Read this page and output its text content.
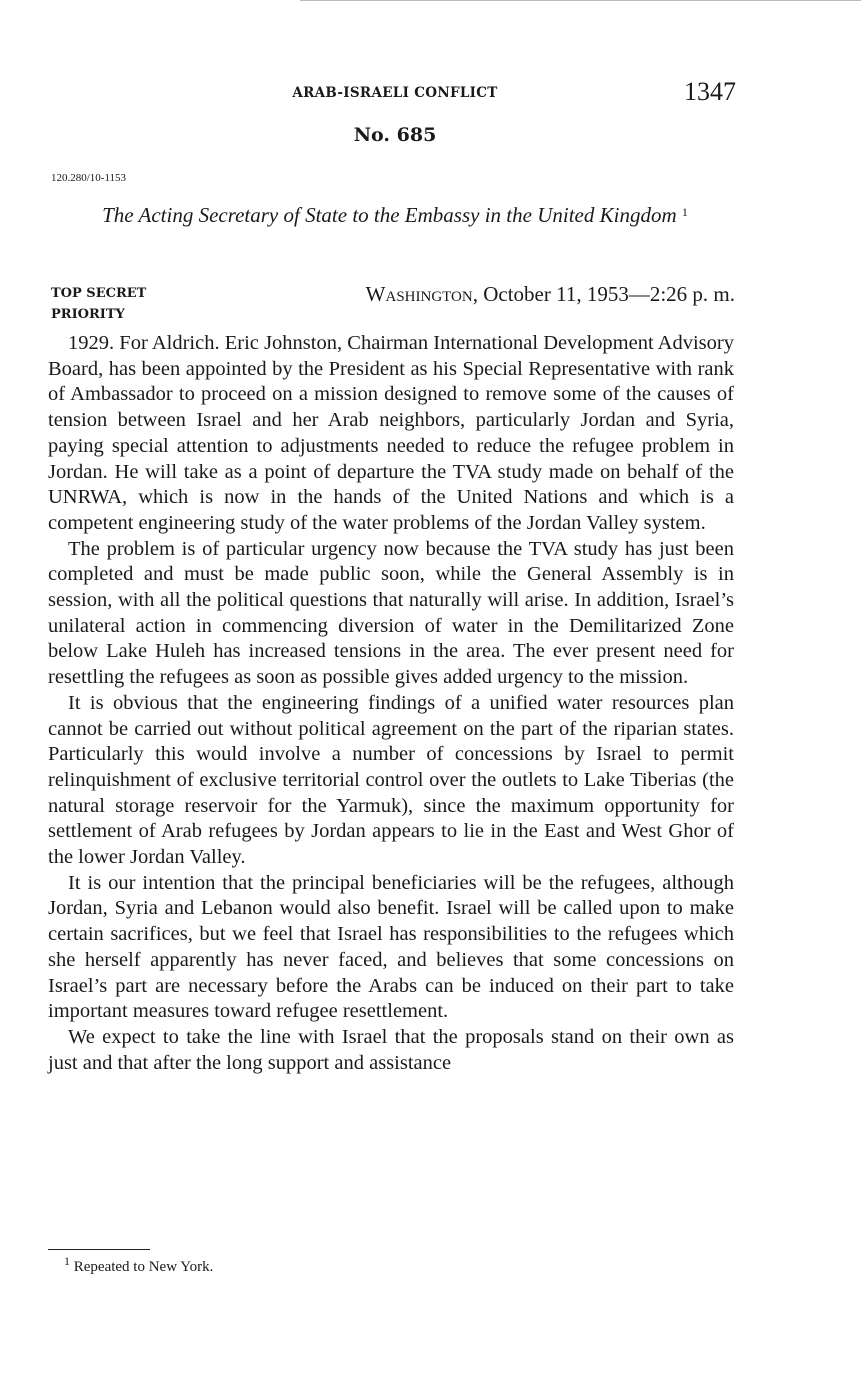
ARAB-ISRAELI CONFLICT	1347
No. 685
120.280/10-1153
The Acting Secretary of State to the Embassy in the United Kingdom $^1$
TOP SECRET
PRIORITY
Washington, October 11, 1953—2:26 p. m.

1929. For Aldrich. Eric Johnston, Chairman International Development Advisory Board, has been appointed by the President as his Special Representative with rank of Ambassador to proceed on a mission designed to remove some of the causes of tension between Israel and her Arab neighbors, particularly Jordan and Syria, paying special attention to adjustments needed to reduce the refugee problem in Jordan. He will take as a point of departure the TVA study made on behalf of the UNRWA, which is now in the hands of the United Nations and which is a competent engineering study of the water problems of the Jordan Valley system.

The problem is of particular urgency now because the TVA study has just been completed and must be made public soon, while the General Assembly is in session, with all the political questions that naturally will arise. In addition, Israel’s unilateral action in commencing diversion of water in the Demilitarized Zone below Lake Huleh has increased tensions in the area. The ever present need for resettling the refugees as soon as possible gives added urgency to the mission.

It is obvious that the engineering findings of a unified water resources plan cannot be carried out without political agreement on the part of the riparian states. Particularly this would involve a number of concessions by Israel to permit relinquishment of exclusive territorial control over the outlets to Lake Tiberias (the natural storage reservoir for the Yarmuk), since the maximum opportunity for settlement of Arab refugees by Jordan appears to lie in the East and West Ghor of the lower Jordan Valley.

It is our intention that the principal beneficiaries will be the refugees, although Jordan, Syria and Lebanon would also benefit. Israel will be called upon to make certain sacrifices, but we feel that Israel has responsibilities to the refugees which she herself apparently has never faced, and believes that some concessions on Israel’s part are necessary before the Arabs can be induced on their part to take important measures toward refugee resettlement.

We expect to take the line with Israel that the proposals stand on their own as just and that after the long support and assistance

$^1$ Repeated to New York.
